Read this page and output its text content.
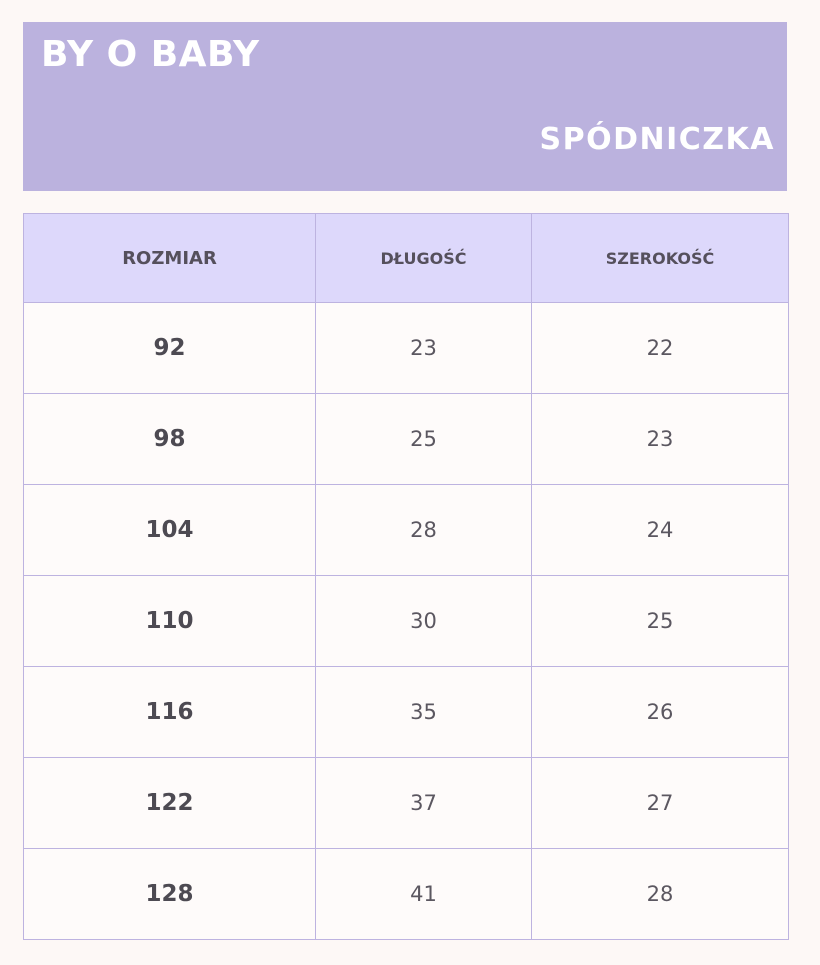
BY O BABY
SPÓDNICZKA
ROZMIAR	DŁUGOŚĆ	SZEROKOŚĆ
92	23	22
98	25	23
104	28	24
110	30	25
116	35	26
122	37	27
128	41	28
